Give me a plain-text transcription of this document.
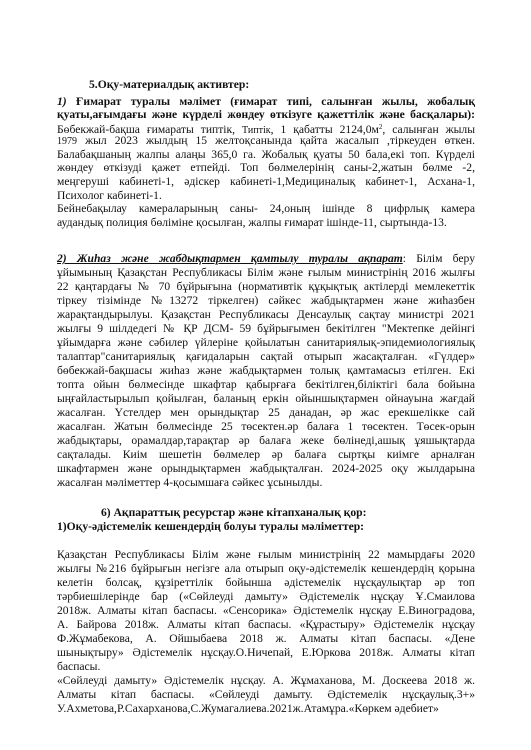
5.Оқу-материалдық активтер:
1) Ғимарат туралы мәлімет (ғимарат типі, салынған жылы, жобалық
қуаты,ағымдағы және күрделі жөндеу өткізуге қажеттілік және басқалары):
Бөбекжай-бақша ғимараты типтік, Типтік, 1 қабатты $2124,0м^2$, салынған жылы
1979 жыл 2023 жылдың 15 желтоқсанында қайта жасалып ,тіркеуден өткен.
Балабақшаның жалпы алаңы 365,0 га. Жобалық қуаты 50 бала,екі топ. Күрделі
жөндеу өткізуді қажет етпейді. Топ бөлмелерінің саны-2,жатын бөлме -2,
меңгеруші кабинеті-1, әдіскер кабинеті-1,Медициналық кабинет-1, Асхана-1,
Психолог кабинеті-1.
Бейнебақылау камераларының саны- 24,оның ішінде 8 цифрлық камера
аудандық полиция бөлiмiне қосылған, жалпы ғимарат ішінде-11, сыртында-13.
2) Жиһаз және жабдықтармен қамтылу туралы ақпарат: Білім беру
ұйымының Қазақстан Республикасы Білім және ғылым министрінің 2016 жылғы
22 қаңтардағы № 70 бұйрығына (нормативтік құқықтық актілерді мемлекеттік
тіркеу тізімінде №13272 тіркелген) сәйкес жабдықтармен және жиһазбен
жарақтандырылуы. Қазақстан Республикасы Денсаулық сақтау министрі 2021
жылғы 9 шілдедегі № ҚР ДСМ- 59 бұйрығымен бекітілген "Мектепке дейінгі
ұйымдарға және сәбилер үйлеріне қойылатын санитариялық-эпидемиологиялық
талаптар"санитариялық қағидаларын сақтай отырып жасақталған. «Гүлдер»
бөбекжай-бақшасы жиһаз және жабдықтармен толық қамтамасыз етілген. Екі
топта ойын бөлмесінде шкафтар қабырғаға бекітілген,біліктігі бала бойына
ыңғайластырылып қойылған, баланың еркін ойыншықтармен ойнауына жағдай
жасалған. Үстелдер мен орындықтар 25 данадан, әр жас ерекшелікке сай
жасалған. Жатын бөлмесінде 25 төсектен.әр балаға 1 төсектен. Төсек-орын
жабдықтары, орамалдар,тарақтар әр балаға жеке бөлінеді,ашық ұяшықтарда
сақталады. Киім шешетін бөлмелер әр балаға сыртқы киімге арналған
шкафтармен және орындықтармен жабдықталған. 2024-2025 оқу жылдарына
жасалған мәліметтер 4-қосымшаға сәйкес ұсынылды.
6) Ақпараттық ресурстар және кітапханалық қор:
1)Оқу-әдістемелік кешендердің болуы туралы мәліметтер:
Қазақстан Республикасы Білім және ғылым министрінің 22 мамырдағы 2020
жылғы №216 бұйрығын негізге ала отырып оқу-әдістемелік кешендердің қорына
келетін болсақ, құзіреттілік бойынша әдістемелік нұсқаулықтар әр топ
тәрбиешілерінде бар («Сөйлеуді дамыту» Әдістемелік нұсқау Ұ.Смаилова
2018ж. Алматы кітап баспасы. «Сенсорика» Әдістемелік нұсқау Е.Виноградова,
А. Байрова 2018ж. Алматы кітап баспасы. «Құрастыру» Әдістемелік нұсқау
Ф.Жұмабекова, А. Ойшыбаева 2018 ж. Алматы кітап баспасы. «Дене
шынықтыру» Әдістемелік нұсқау.О.Ничепай, Е.Юркова 2018ж. Алматы кітап
баспасы.
«Сөйлеуді дамыту» Әдістемелік нұсқау. А. Жұмаханова, М. Доскеева 2018 ж.
Алматы кітап баспасы. «Сөйлеуді дамыту. Әдістемелік нұсқаулық.3+»
У.Ахметова,Р.Сахарханова,С.Жумагалиева.2021ж.Атамұра.«Көркем әдебиет»
